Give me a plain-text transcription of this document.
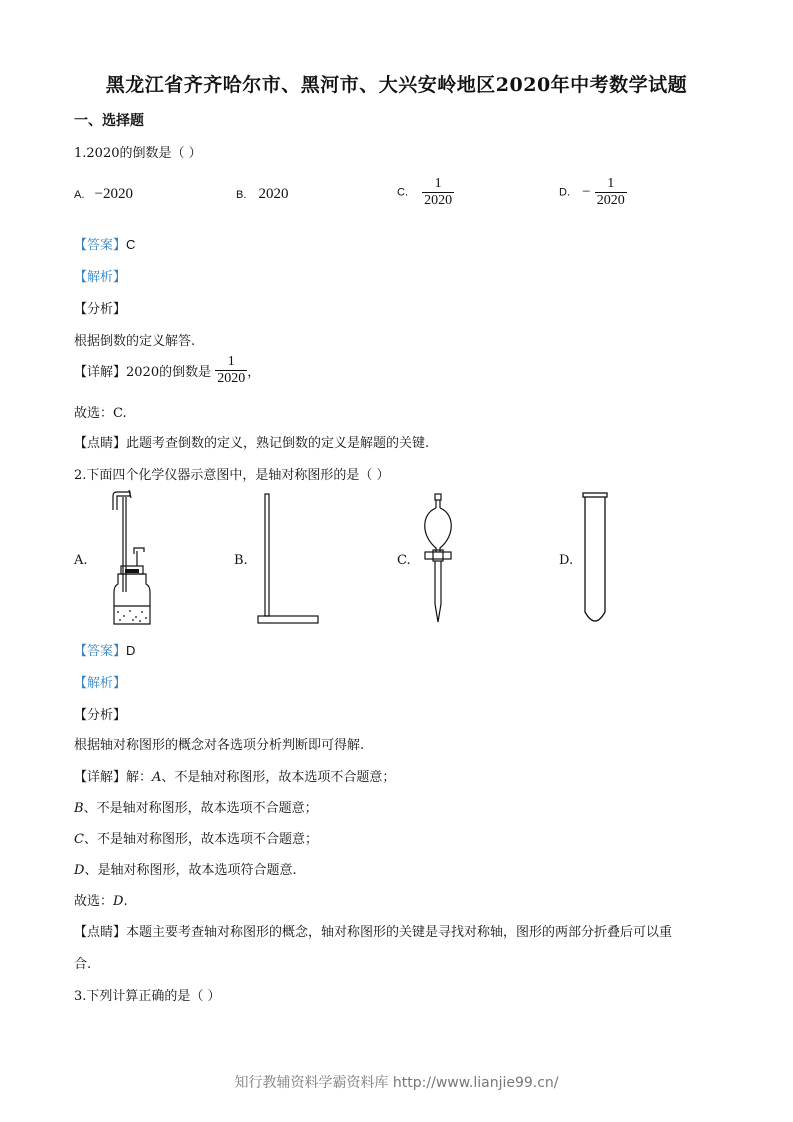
黑龙江省齐齐哈尔市、黑河市、大兴安岭地区2020年中考数学试题
一、选择题
1.2020的倒数是（ ）
A. −2020	B. 2020	C. $\frac{1}{2020}$	D. − $\frac{1}{2020}$
【答案】C
【解析】
【分析】
根据倒数的定义解答.
【详解】2020的倒数是 $\frac{1}{2020}$ ，
故选：C.
【点睛】此题考查倒数的定义，熟记倒数的定义是解题的关键.
2.下面四个化学仪器示意图中，是轴对称图形的是（ ）
A.	B.	C.	D.
【答案】D
【解析】
【分析】
根据轴对称图形的概念对各选项分析判断即可得解.
【详解】解：A、不是轴对称图形，故本选项不合题意；
B、不是轴对称图形，故本选项不合题意；
C、不是轴对称图形，故本选项不合题意；
D、是轴对称图形，故本选项符合题意.
故选：D.
【点睛】本题主要考查轴对称图形的概念，轴对称图形的关键是寻找对称轴，图形的两部分折叠后可以重
合.
3.下列计算正确的是（ ）
知行教辅资料学霸资料库 http://www.lianjie99.cn/
